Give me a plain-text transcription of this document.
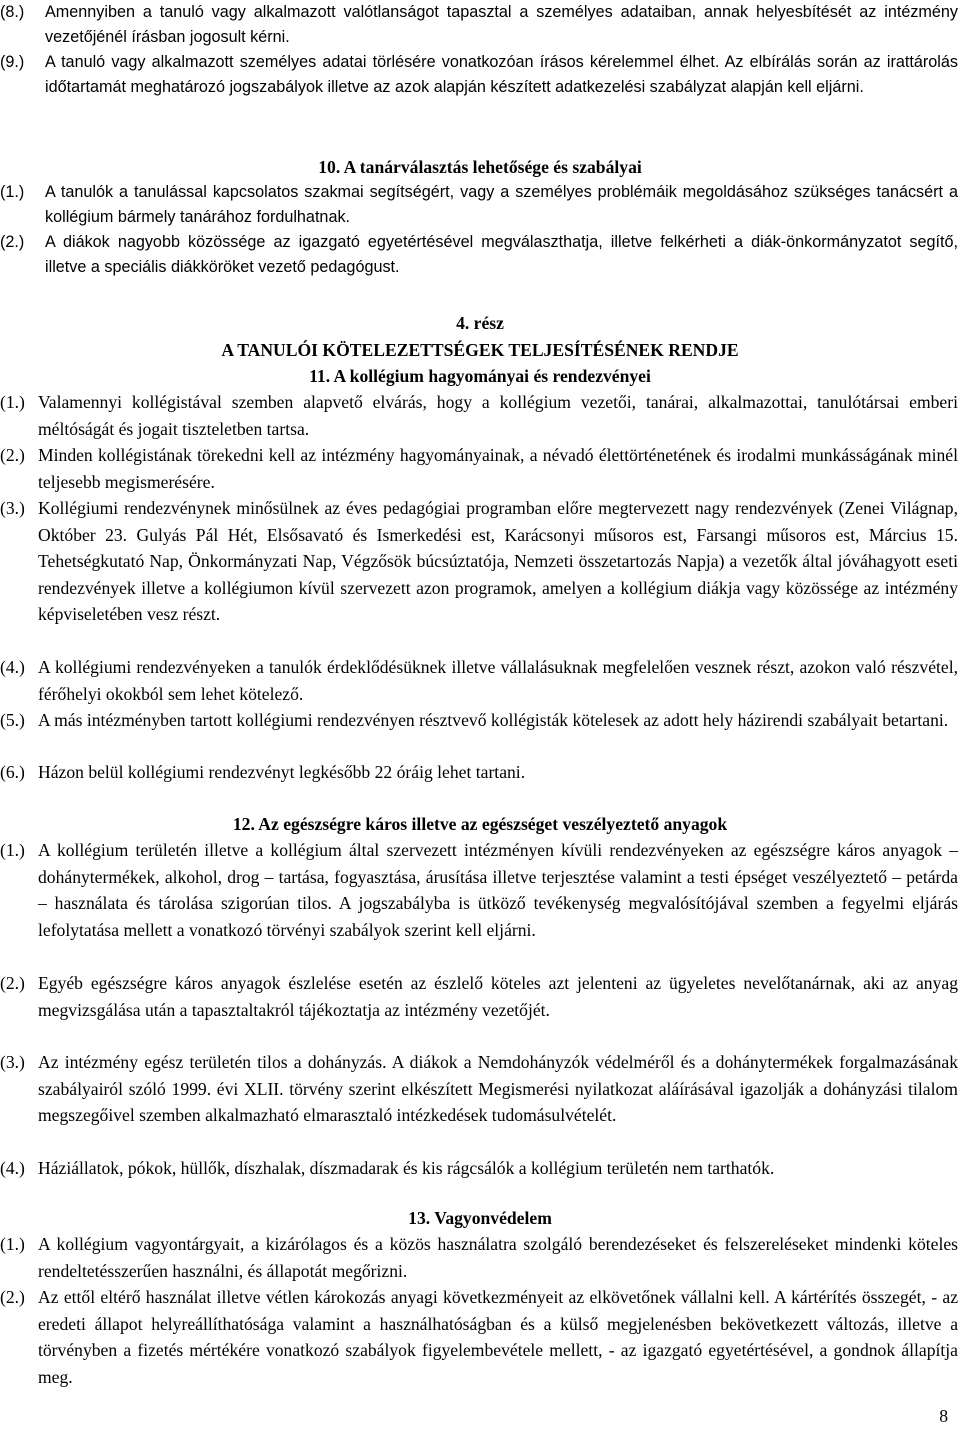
(8.) Amennyiben a tanuló vagy alkalmazott valótlanságot tapasztal a személyes adataiban, annak helyesbítését az intézmény vezetőjénél írásban jogosult kérni.
(9.) A tanuló vagy alkalmazott személyes adatai törlésére vonatkozóan írásos kérelemmel élhet. Az elbírálás során az irattárolás időtartamát meghatározó jogszabályok illetve az azok alapján készített adatkezelési szabályzat alapján kell eljárni.
10. A tanárválasztás lehetősége és szabályai
(1.) A tanulók a tanulással kapcsolatos szakmai segítségért, vagy a személyes problémáik megoldásához szükséges tanácsért a kollégium bármely tanárához fordulhatnak.
(2.) A diákok nagyobb közössége az igazgató egyetértésével megválaszthatja, illetve felkérheti a diák-önkormányzatot segítő, illetve a speciális diákköröket vezető pedagógust.
4. rész
A TANULÓI KÖTELEZETTSÉGEK TELJESÍTÉSÉNEK RENDJE
11. A kollégium hagyományai és rendezvényei
(1.) Valamennyi kollégistával szemben alapvető elvárás, hogy a kollégium vezetői, tanárai, alkalmazottai, tanulótársai emberi méltóságát és jogait tiszteletben tartsa.
(2.) Minden kollégistának törekedni kell az intézmény hagyományainak, a névadó élettörténetének és irodalmi munkásságának minél teljesebb megismerésére.
(3.) Kollégiumi rendezvénynek minősülnek az éves pedagógiai programban előre megtervezett nagy rendezvények (Zenei Világnap, Október 23. Gulyás Pál Hét, Elsősavató és Ismerkedési est, Karácsonyi műsoros est, Farsangi műsoros est, Március 15. Tehetségkutató Nap, Önkormányzati Nap, Végzősök búcsúztatója, Nemzeti összetartozás Napja) a vezetők által jóváhagyott eseti rendezvények illetve a kollégiumon kívül szervezett azon programok, amelyen a kollégium diákja vagy közössége az intézmény képviseletében vesz részt.
(4.) A kollégiumi rendezvényeken a tanulók érdeklődésüknek illetve vállalásuknak megfelelően vesznek részt, azokon való részvétel, férőhelyi okokból sem lehet kötelező.
(5.) A más intézményben tartott kollégiumi rendezvényen résztvevő kollégisták kötelesek az adott hely házirendi szabályait betartani.
(6.) Házon belül kollégiumi rendezvényt legkésőbb 22 óráig lehet tartani.
12. Az egészségre káros illetve az egészséget veszélyeztető anyagok
(1.) A kollégium területén illetve a kollégium által szervezett intézményen kívüli rendezvényeken az egészségre káros anyagok – dohánytermékek, alkohol, drog – tartása, fogyasztása, árusítása illetve terjesztése valamint a testi épséget veszélyeztető – petárda – használata és tárolása szigorúan tilos. A jogszabályba is ütköző tevékenység megvalósítójával szemben a fegyelmi eljárás lefolytatása mellett a vonatkozó törvényi szabályok szerint kell eljárni.
(2.) Egyéb egészségre káros anyagok észlelése esetén az észlelő köteles azt jelenteni az ügyeletes nevelőtanárnak, aki az anyag megvizsgálása után a tapasztaltakról tájékoztatja az intézmény vezetőjét.
(3.) Az intézmény egész területén tilos a dohányzás. A diákok a Nemdohányzók védelméről és a dohánytermékek forgalmazásának szabályairól szóló 1999. évi XLII. törvény szerint elkészített Megismerési nyilatkozat aláírásával igazolják a dohányzási tilalom megszegőivel szemben alkalmazható elmarasztaló intézkedések tudomásulvételét.
(4.) Háziállatok, pókok, hüllők, díszhalak, díszmadarak és kis rágcsálók a kollégium területén nem tarthatók.
13. Vagyonvédelem
(1.) A kollégium vagyontárgyait, a kizárólagos és a közös használatra szolgáló berendezéseket és felszereléseket mindenki köteles rendeltetésszerűen használni, és állapotát megőrizni.
(2.) Az ettől eltérő használat illetve vétlen károkozás anyagi következményeit az elkövetőnek vállalni kell. A kártérítés összegét, - az eredeti állapot helyreállíthatósága valamint a használhatóságban és a külső megjelenésben bekövetkezett változás, illetve a törvényben a fizetés mértékére vonatkozó szabályok figyelembevétele mellett, - az igazgató egyetértésével, a gondnok állapítja meg.
8
